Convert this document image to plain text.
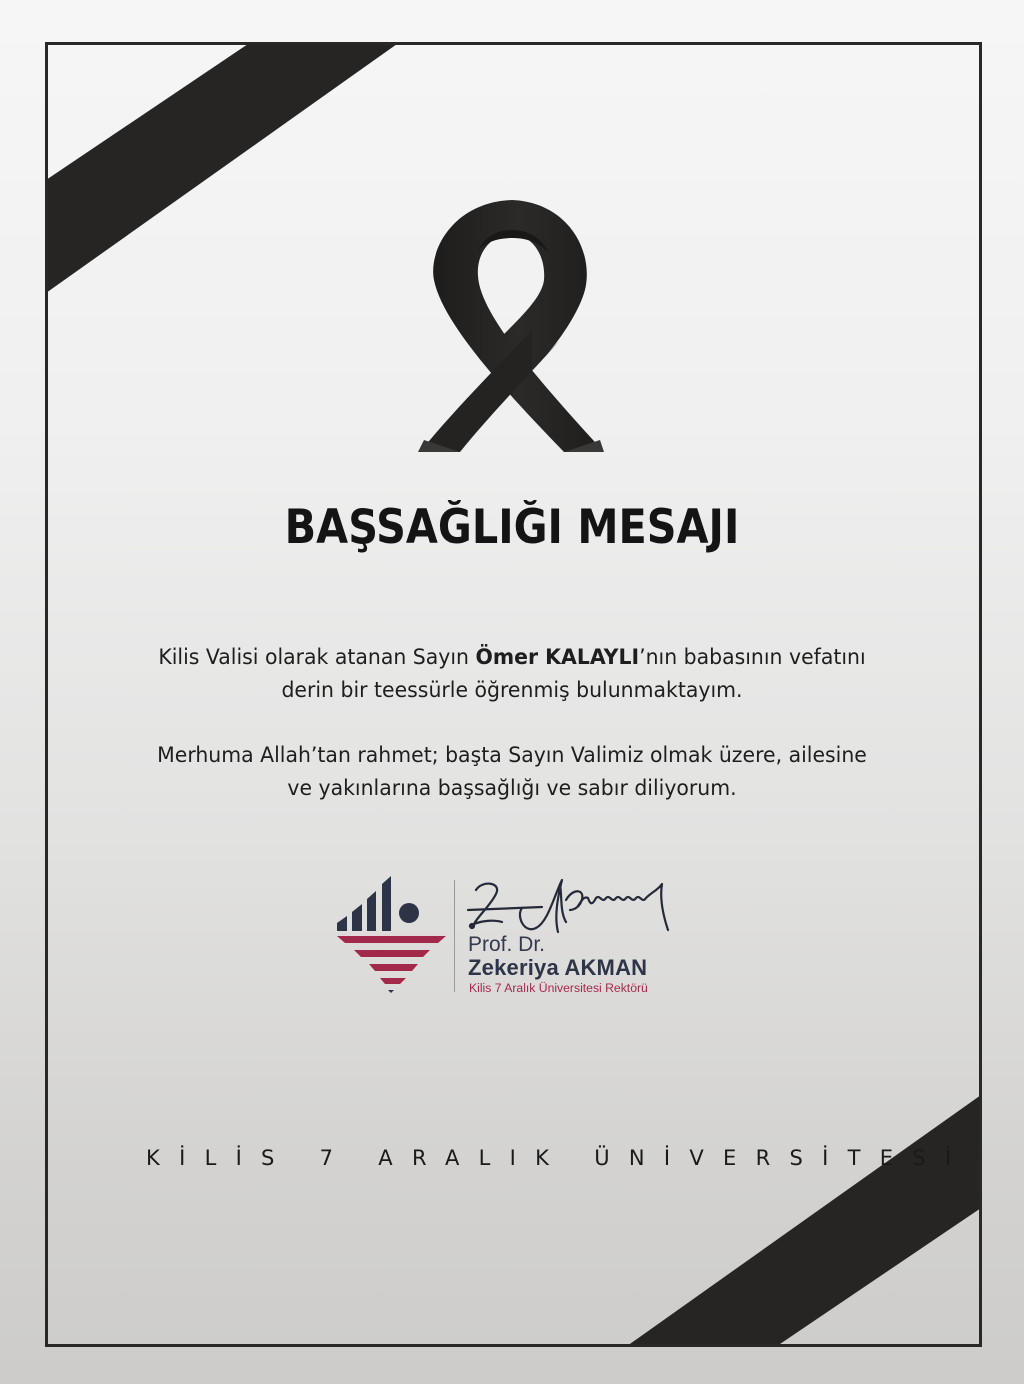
BAŞSAĞLIĞI MESAJI
Kilis Valisi olarak atanan Sayın Ömer KALAYLI’nın babasının vefatını
derin bir teessürle öğrenmiş bulunmaktayım.
Merhuma Allah’tan rahmet; başta Sayın Valimiz olmak üzere, ailesine
ve yakınlarına başsağlığı ve sabır diliyorum.
Prof. Dr.
Zekeriya AKMAN
Kilis 7 Aralık Üniversitesi Rektörü
KİLİS 7 ARALIK ÜNİVERSİTESİ
